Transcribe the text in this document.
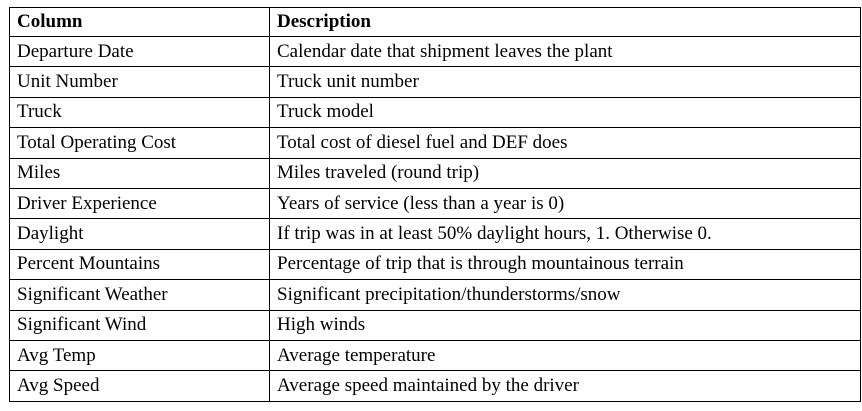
Column	Description
Departure Date	Calendar date that shipment leaves the plant
Unit Number	Truck unit number
Truck	Truck model
Total Operating Cost	Total cost of diesel fuel and DEF does
Miles	Miles traveled (round trip)
Driver Experience	Years of service (less than a year is 0)
Daylight	If trip was in at least 50% daylight hours, 1. Otherwise 0.
Percent Mountains	Percentage of trip that is through mountainous terrain
Significant Weather	Significant precipitation/thunderstorms/snow
Significant Wind	High winds
Avg Temp	Average temperature
Avg Speed	Average speed maintained by the driver
